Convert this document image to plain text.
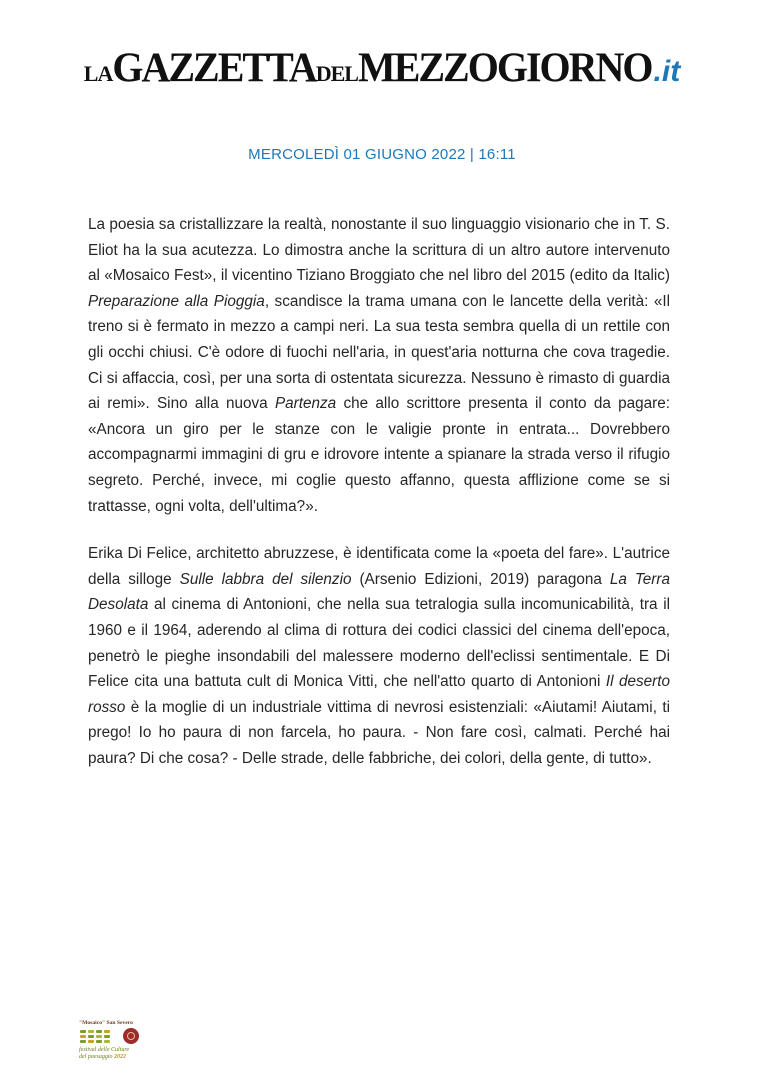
LAGAZZETTADELMEZZOGIORNO.it
MERCOLEDÌ 01 GIUGNO 2022 | 16:11

La poesia sa cristallizzare la realtà, nonostante il suo linguaggio visionario che in T. S. Eliot ha la sua acutezza. Lo dimostra anche la scrittura di un altro autore intervenuto al «Mosaico Fest», il vicentino Tiziano Broggiato che nel libro del 2015 (edito da Italic) Preparazione alla Pioggia, scandisce la trama umana con le lancette della verità: «Il treno si è fermato in mezzo a campi neri. La sua testa sembra quella di un rettile con gli occhi chiusi. C'è odore di fuochi nell'aria, in quest'aria notturna che cova tragedie. Ci si affaccia, così, per una sorta di ostentata sicurezza. Nessuno è rimasto di guardia ai remi». Sino alla nuova Partenza che allo scrittore presenta il conto da pagare: «Ancora un giro per le stanze con le valigie pronte in entrata... Dovrebbero accompagnarmi immagini di gru e idrovore intente a spianare la strada verso il rifugio segreto. Perché, invece, mi coglie questo affanno, questa afflizione come se si trattasse, ogni volta, dell'ultima?».

Erika Di Felice, architetto abruzzese, è identificata come la «poeta del fare». L'autrice della silloge Sulle labbra del silenzio (Arsenio Edizioni, 2019) paragona La Terra Desolata al cinema di Antonioni, che nella sua tetralogia sulla incomunicabilità, tra il 1960 e il 1964, aderendo al clima di rottura dei codici classici del cinema dell'epoca, penetrò le pieghe insondabili del malessere moderno dell'eclissi sentimentale. E Di Felice cita una battuta cult di Monica Vitti, che nell'atto quarto di Antonioni Il deserto rosso è la moglie di un industriale vittima di nevrosi esistenziali: «Aiutami! Aiutami, ti prego! Io ho paura di non farcela, ho paura. - Non fare così, calmati. Perché hai paura? Di che cosa? - Delle strade, delle fabbriche, dei colori, della gente, di tutto».

"Mosaico" San Severo
festival delle Culture
del paesaggio 2022
